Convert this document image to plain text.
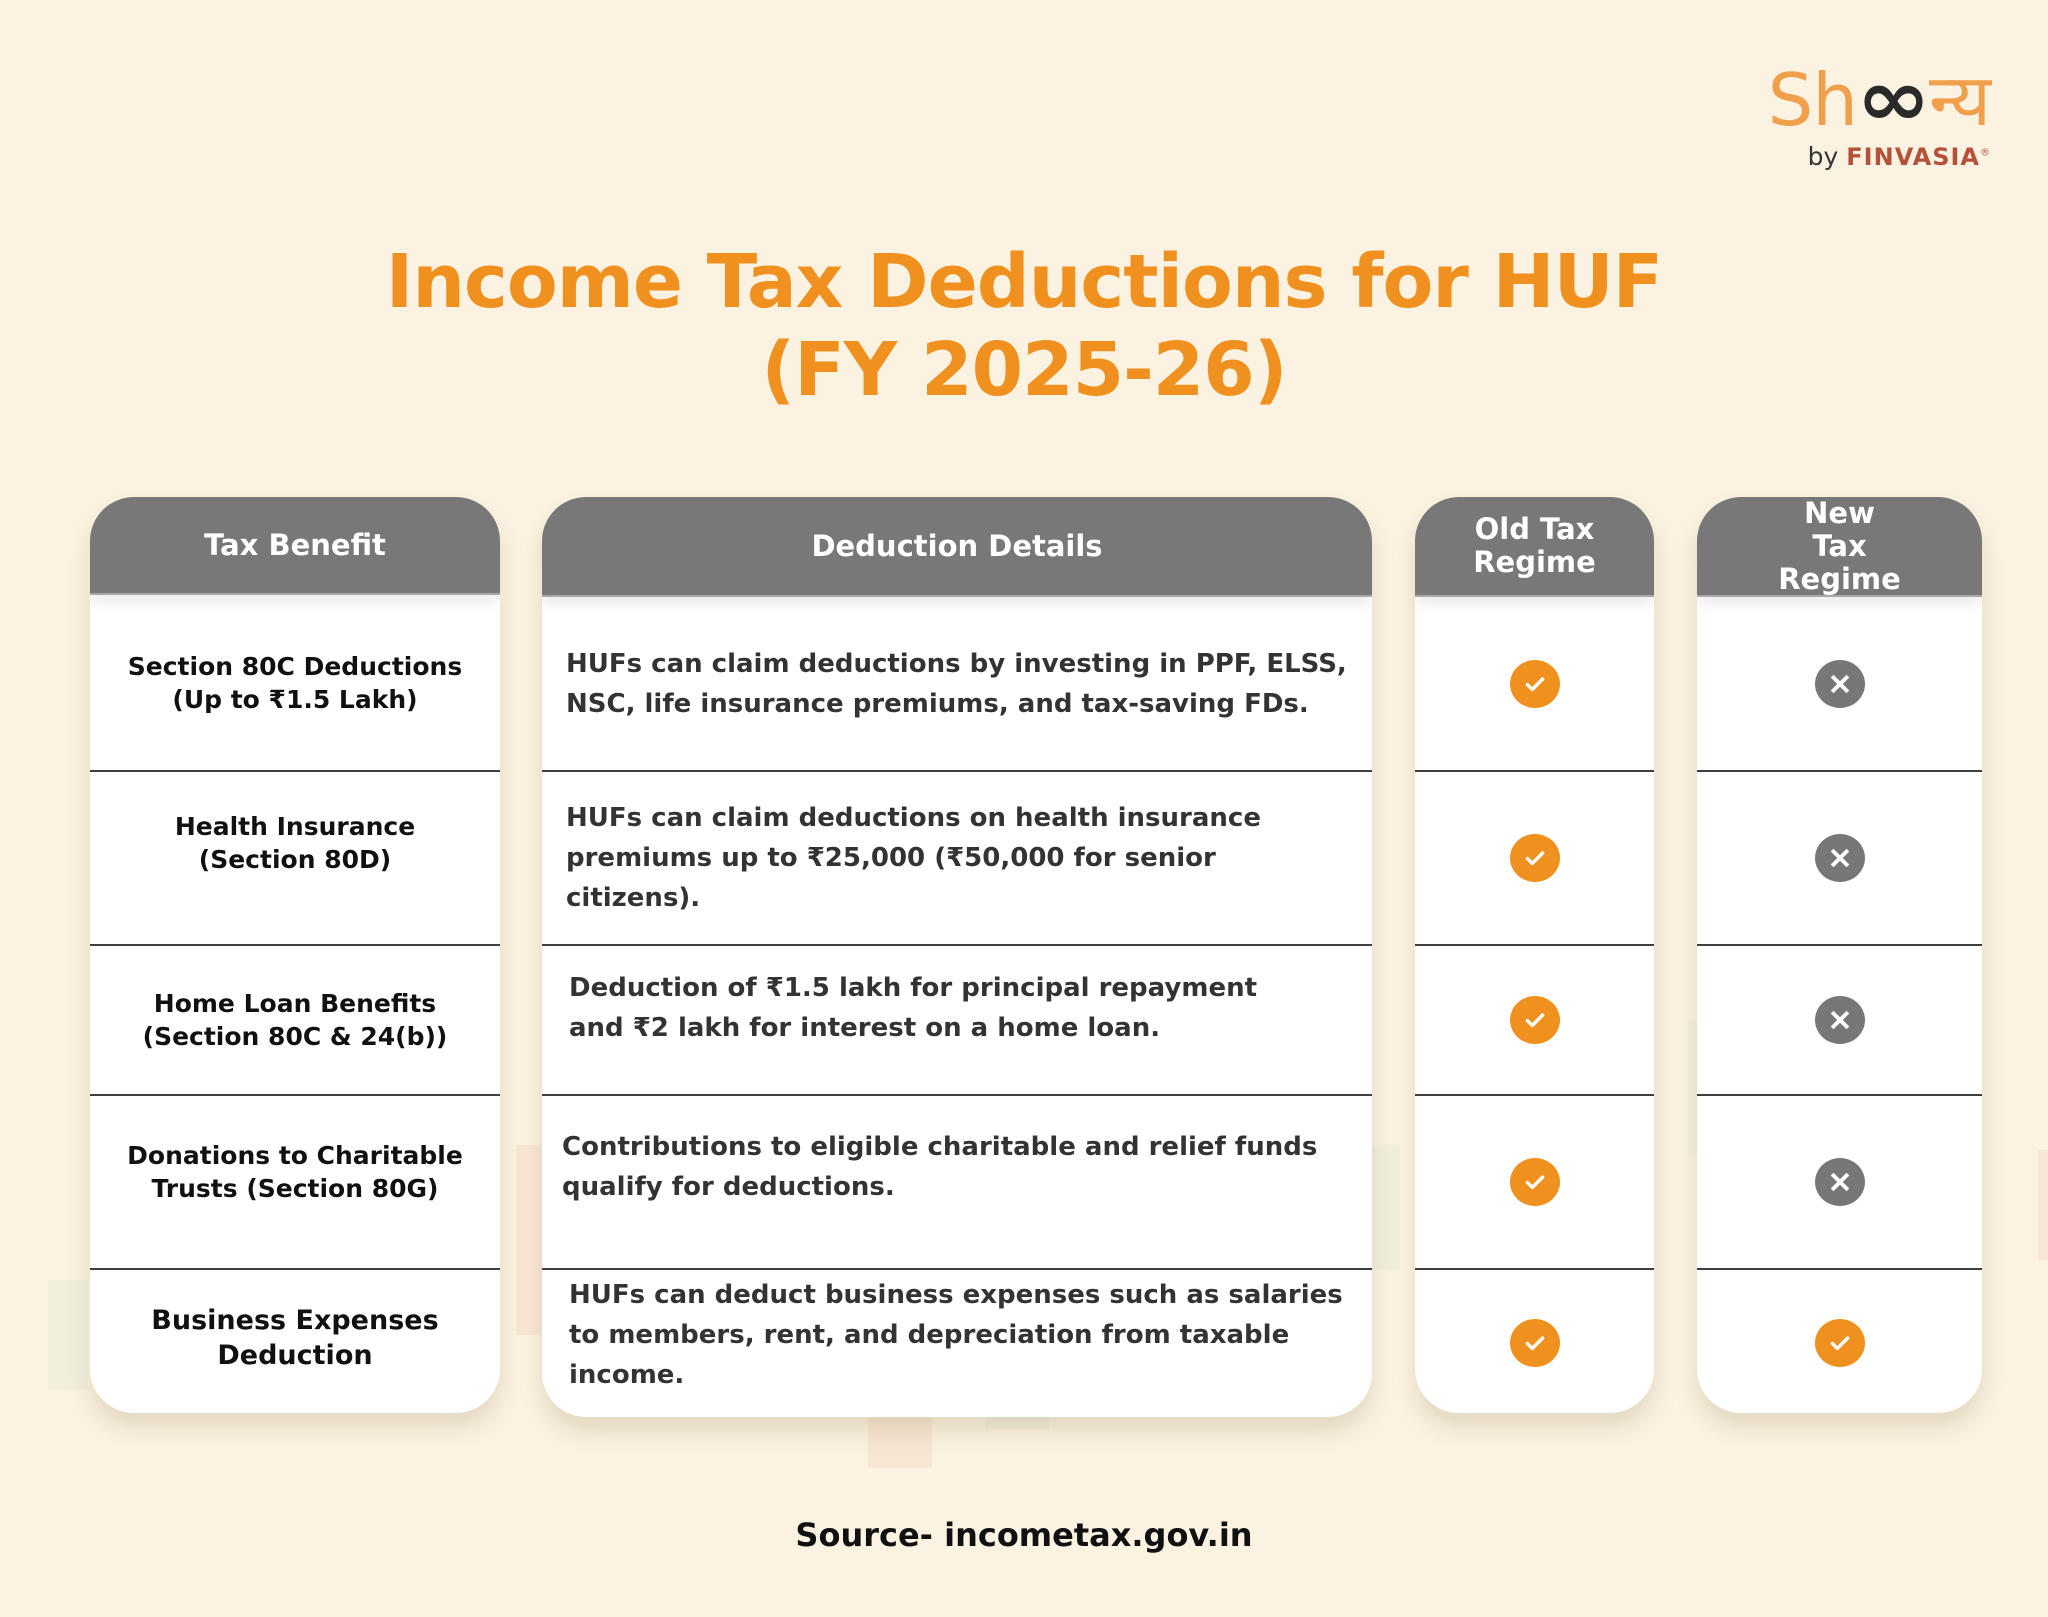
Sh∞न्य
by FINVASIA®
Income Tax Deductions for HUF
(FY 2025-26)
Tax Benefit
Section 80C Deductions
(Up to ₹1.5 Lakh)
Health Insurance
(Section 80D)
Home Loan Benefits
(Section 80C & 24(b))
Donations to Charitable
Trusts (Section 80G)
Business Expenses
Deduction
Deduction Details
HUFs can claim deductions by investing in PPF, ELSS,
NSC, life insurance premiums, and tax-saving FDs.
HUFs can claim deductions on health insurance
premiums up to ₹25,000 (₹50,000 for senior citizens).
Deduction of ₹1.5 lakh for principal repayment
and ₹2 lakh for interest on a home loan.
Contributions to eligible charitable and relief funds
qualify for deductions.
HUFs can deduct business expenses such as salaries
to members, rent, and depreciation from taxable income.
Old Tax Regime
New Tax Regime
Source- incometax.gov.in
